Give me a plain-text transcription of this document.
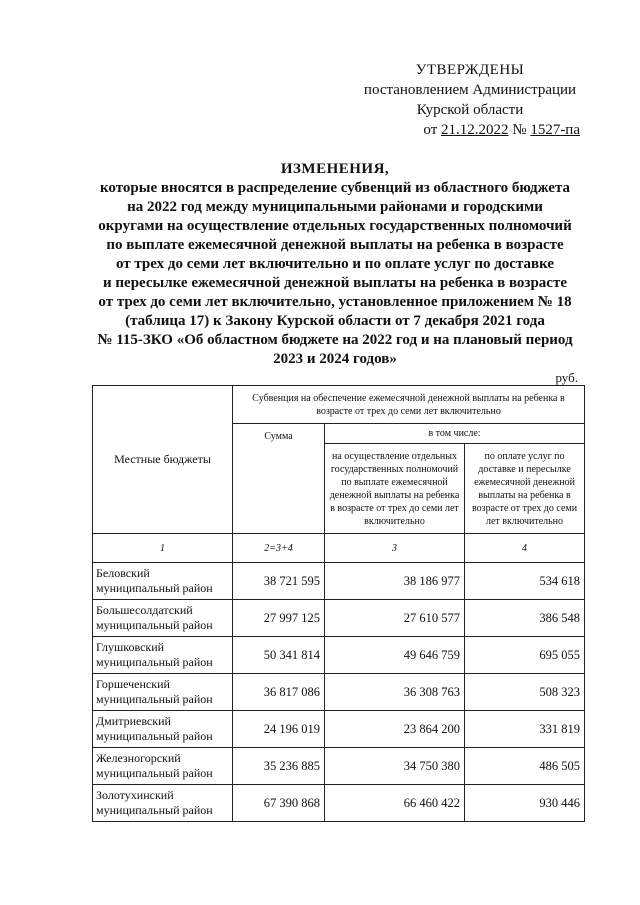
УТВЕРЖДЕНЫ
постановлением Администрации
Курской области
от 21.12.2022 № 1527-па
ИЗМЕНЕНИЯ,
которые вносятся в распределение субвенций из областного бюджета
на 2022 год между муниципальными районами и городскими
округами на осуществление отдельных государственных полномочий
по выплате ежемесячной денежной выплаты на ребенка в возрасте
от трех до семи лет включительно и по оплате услуг по доставке
и пересылке ежемесячной денежной выплаты на ребенка в возрасте
от трех до семи лет включительно, установленное приложением № 18
(таблица 17) к Закону Курской области от 7 декабря 2021 года
№ 115-ЗКО «Об областном бюджете на 2022 год и на плановый период
2023 и 2024 годов»
руб.
Местные бюджеты	Субвенция на обеспечение ежемесячной денежной выплаты на ребенка в возрасте от трех до семи лет включительно		
	Сумма	в том числе:	
		на осуществление отдельных государственных полномочий по выплате ежемесячной денежной выплаты на ребенка в возрасте от трех до семи лет включительно	по оплате услуг по доставке и пересылке ежемесячной денежной выплаты на ребенка в возрасте от трех до семи лет включительно
1	2=3+4	3	4
Беловский муниципальный район	38 721 595	38 186 977	534 618
Большесолдатский муниципальный район	27 997 125	27 610 577	386 548
Глушковский муниципальный район	50 341 814	49 646 759	695 055
Горшеченский муниципальный район	36 817 086	36 308 763	508 323
Дмитриевский муниципальный район	24 196 019	23 864 200	331 819
Железногорский муниципальный район	35 236 885	34 750 380	486 505
Золотухинский муниципальный район	67 390 868	66 460 422	930 446
